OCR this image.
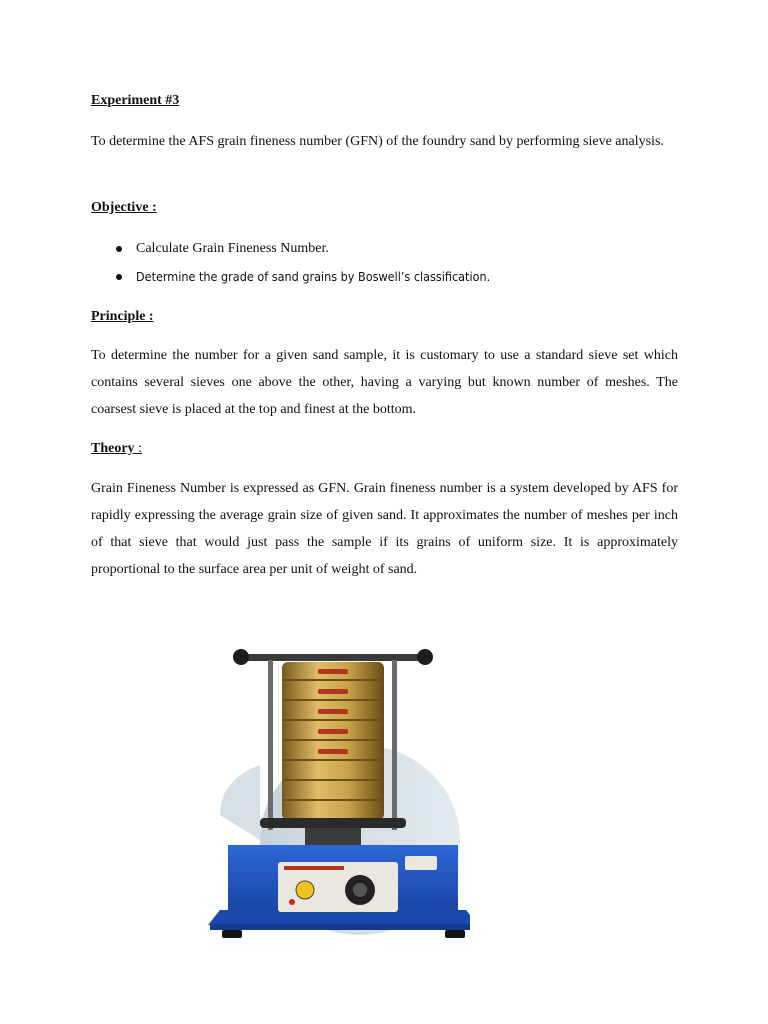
Experiment #3

To determine the AFS grain fineness number (GFN) of the foundry sand by performing sieve analysis.

Objective :

Calculate Grain Fineness Number.
Determine the grade of sand grains by Boswell’s classification.

Principle :

To determine the number for a given sand sample, it is customary to use a standard sieve set which contains several sieves one above the other, having a varying but known number of meshes. The coarsest sieve is placed at the top and finest at the bottom.

Theory :

Grain Fineness Number is expressed as GFN. Grain fineness number is a system developed by AFS for rapidly expressing the average grain size of given sand. It approximates the number of meshes per inch of that sieve that would just pass the sample if its grains of uniform size. It is approximately proportional to the surface area per unit of weight of sand.
